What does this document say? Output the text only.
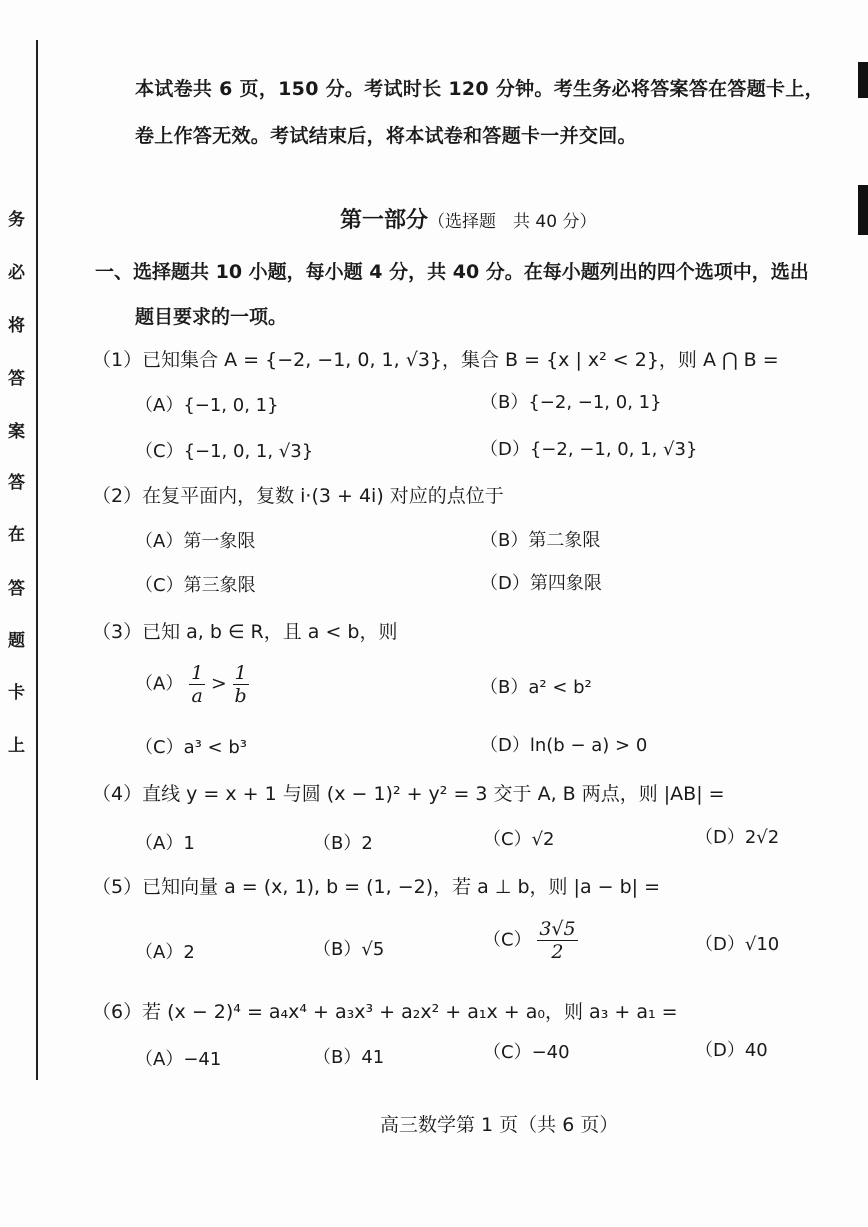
务
必
将
答
案
答
在
答
题
卡
上
本试卷共 6 页，150 分。考试时长 120 分钟。考生务必将答案答在答题卡上，
卷上作答无效。考试结束后，将本试卷和答题卡一并交回。
第一部分（选择题　共 40 分）
一、选择题共 10 小题，每小题 4 分，共 40 分。在每小题列出的四个选项中，选出
题目要求的一项。
（1）已知集合 A = {−2, −1, 0, 1, √3}，集合 B = {x | x² < 2}，则 A ⋂ B =
（A）{−1, 0, 1}	（B）{−2, −1, 0, 1}
（C）{−1, 0, 1, √3}	（D）{−2, −1, 0, 1, √3}
（2）在复平面内，复数 i·(3 + 4i) 对应的点位于
（A）第一象限	（B）第二象限
（C）第三象限	（D）第四象限
（3）已知 a, b ∈ R，且 a < b，则
$(A) \frac{1}{a} > \frac{1}{b}$	（B）a² < b²
（C）a³ < b³	（D）ln(b − a) > 0
（4）直线 y = x + 1 与圆 (x − 1)² + y² = 3 交于 A, B 两点，则 |AB| =
（A）1	（B）2	（C）√2	（D）2√2
（5）已知向量 a = (x, 1), b = (1, −2)，若 a ⊥ b，则 |a − b| =
（A）2	（B）√5	$(C) \frac{3√5}{2}$	（D）√10
（6）若 (x − 2)⁴ = a₄x⁴ + a₃x³ + a₂x² + a₁x + a₀，则 a₃ + a₁ =
（A）−41	（B）41	（C）−40	（D）40
高三数学第 1 页（共 6 页）
